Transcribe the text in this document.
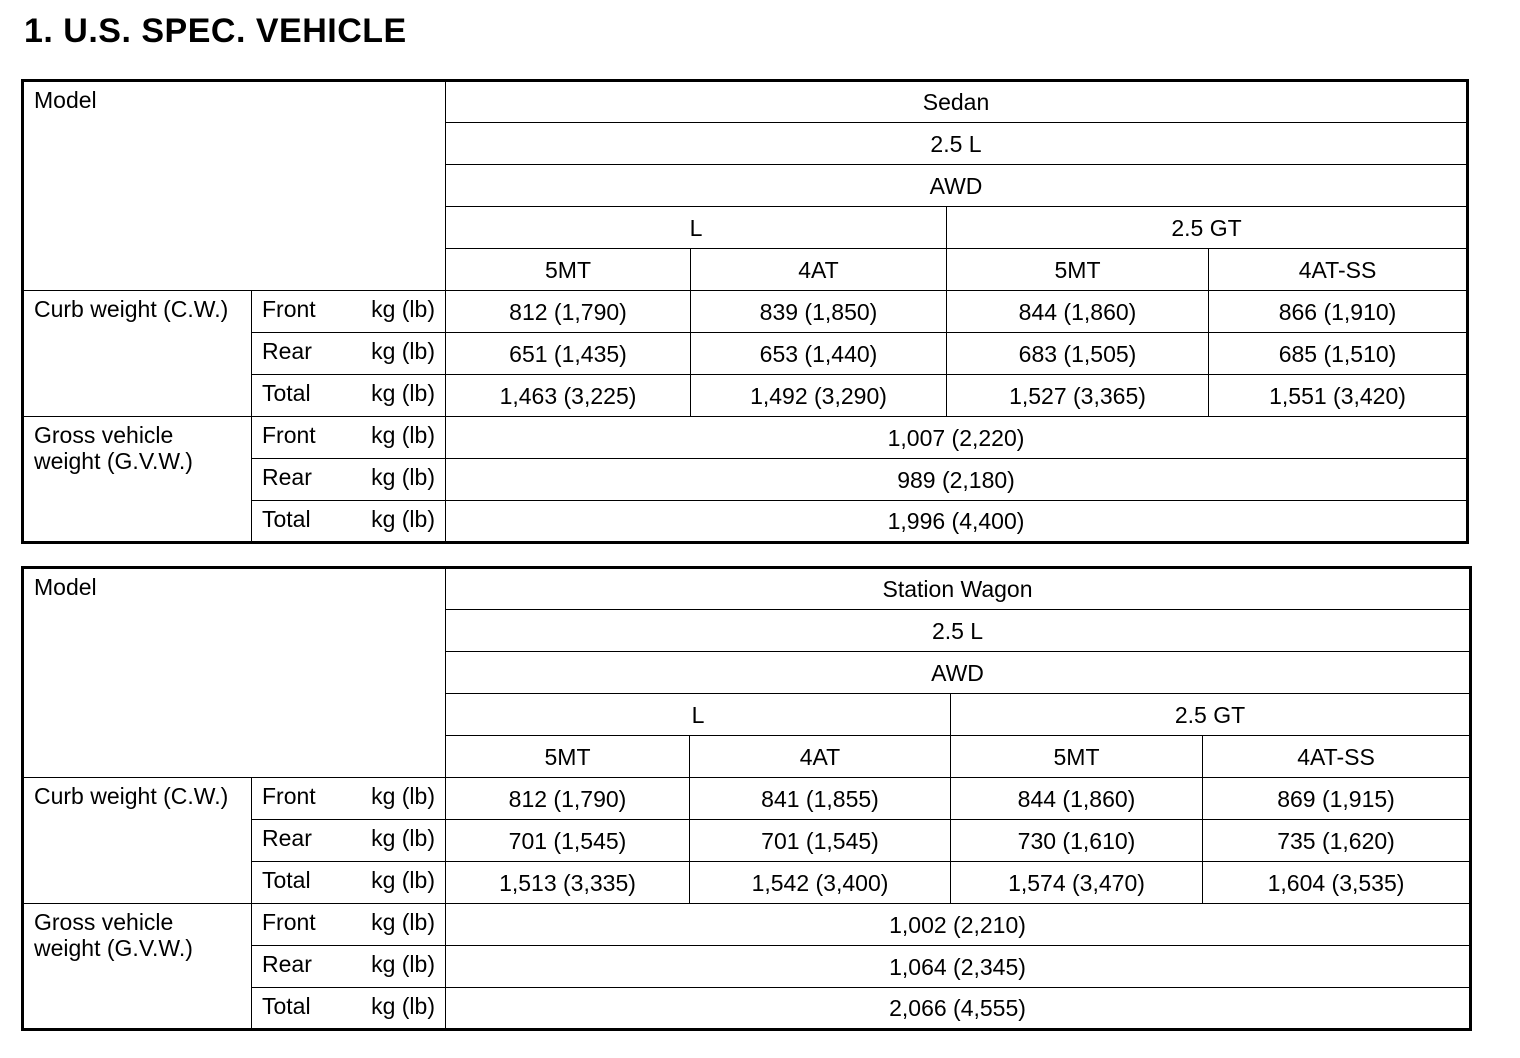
1. U.S. SPEC. VEHICLE
Model		Sedan			
		2.5 L			
		AWD			
		L		2.5 GT	
		5MT	4AT	5MT	4AT-SS
Curb weight (C.W.)	Front kg (lb)	812 (1,790)	839 (1,850)	844 (1,860)	866 (1,910)

	Rear kg (lb)	651 (1,435)	653 (1,440)	683 (1,505)	685 (1,510)

	Total kg (lb)	1,463 (3,225)	1,492 (3,290)	1,527 (3,365)	1,551 (3,420)
Gross vehicle weight (G.V.W.)	Front kg (lb)	1,007 (2,220)			

	Rear kg (lb)	989 (2,180)			

	Total kg (lb)	1,996 (4,400)			
Model		Station Wagon			
		2.5 L			
		AWD			
		L		2.5 GT	
		5MT	4AT	5MT	4AT-SS
Curb weight (C.W.)	Front kg (lb)	812 (1,790)	841 (1,855)	844 (1,860)	869 (1,915)

	Rear kg (lb)	701 (1,545)	701 (1,545)	730 (1,610)	735 (1,620)

	Total kg (lb)	1,513 (3,335)	1,542 (3,400)	1,574 (3,470)	1,604 (3,535)
Gross vehicle weight (G.V.W.)	Front kg (lb)	1,002 (2,210)			

	Rear kg (lb)	1,064 (2,345)			

	Total kg (lb)	2,066 (4,555)			
